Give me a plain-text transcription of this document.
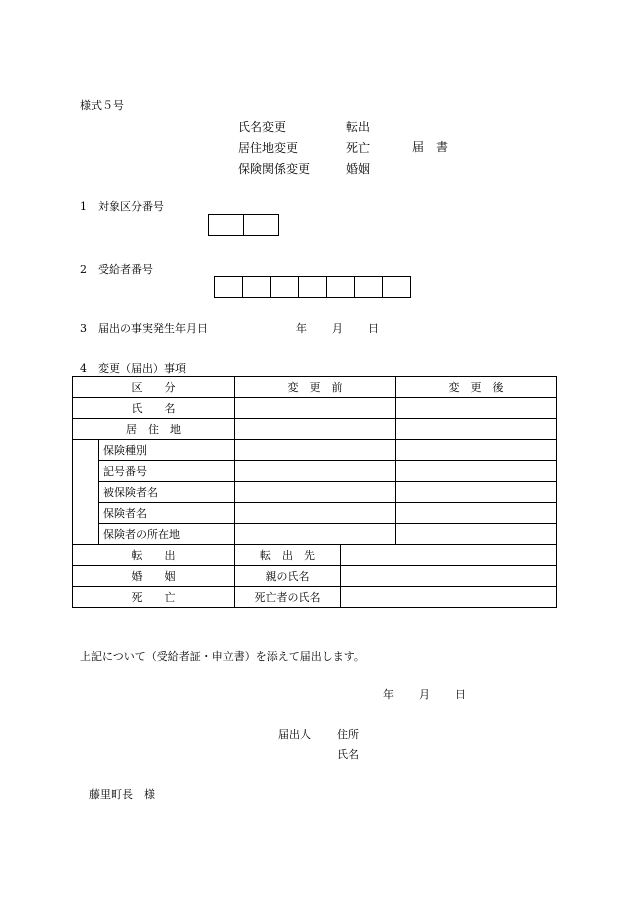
様式５号
氏名変更
居住地変更
保険関係変更
転出
死亡
婚姻
届　書
1　対象区分番号
2　受給者番号
3　届出の事実発生年月日	年 月 日
4　変更（届出）事項
区　　分		変　更　前		変　更　後
氏　　名				
居　住　地				
	保険種別			
	記号番号			
	被保険者名			
	保険者名			
	保険者の所在地			
転　　出		転　出　先		
婚　　姻		親の氏名		
死　　亡		死亡者の氏名		
上記について（受給者証・申立書）を添えて届出します。
年 月 日
届出人 住所
氏名
藤里町長　様
